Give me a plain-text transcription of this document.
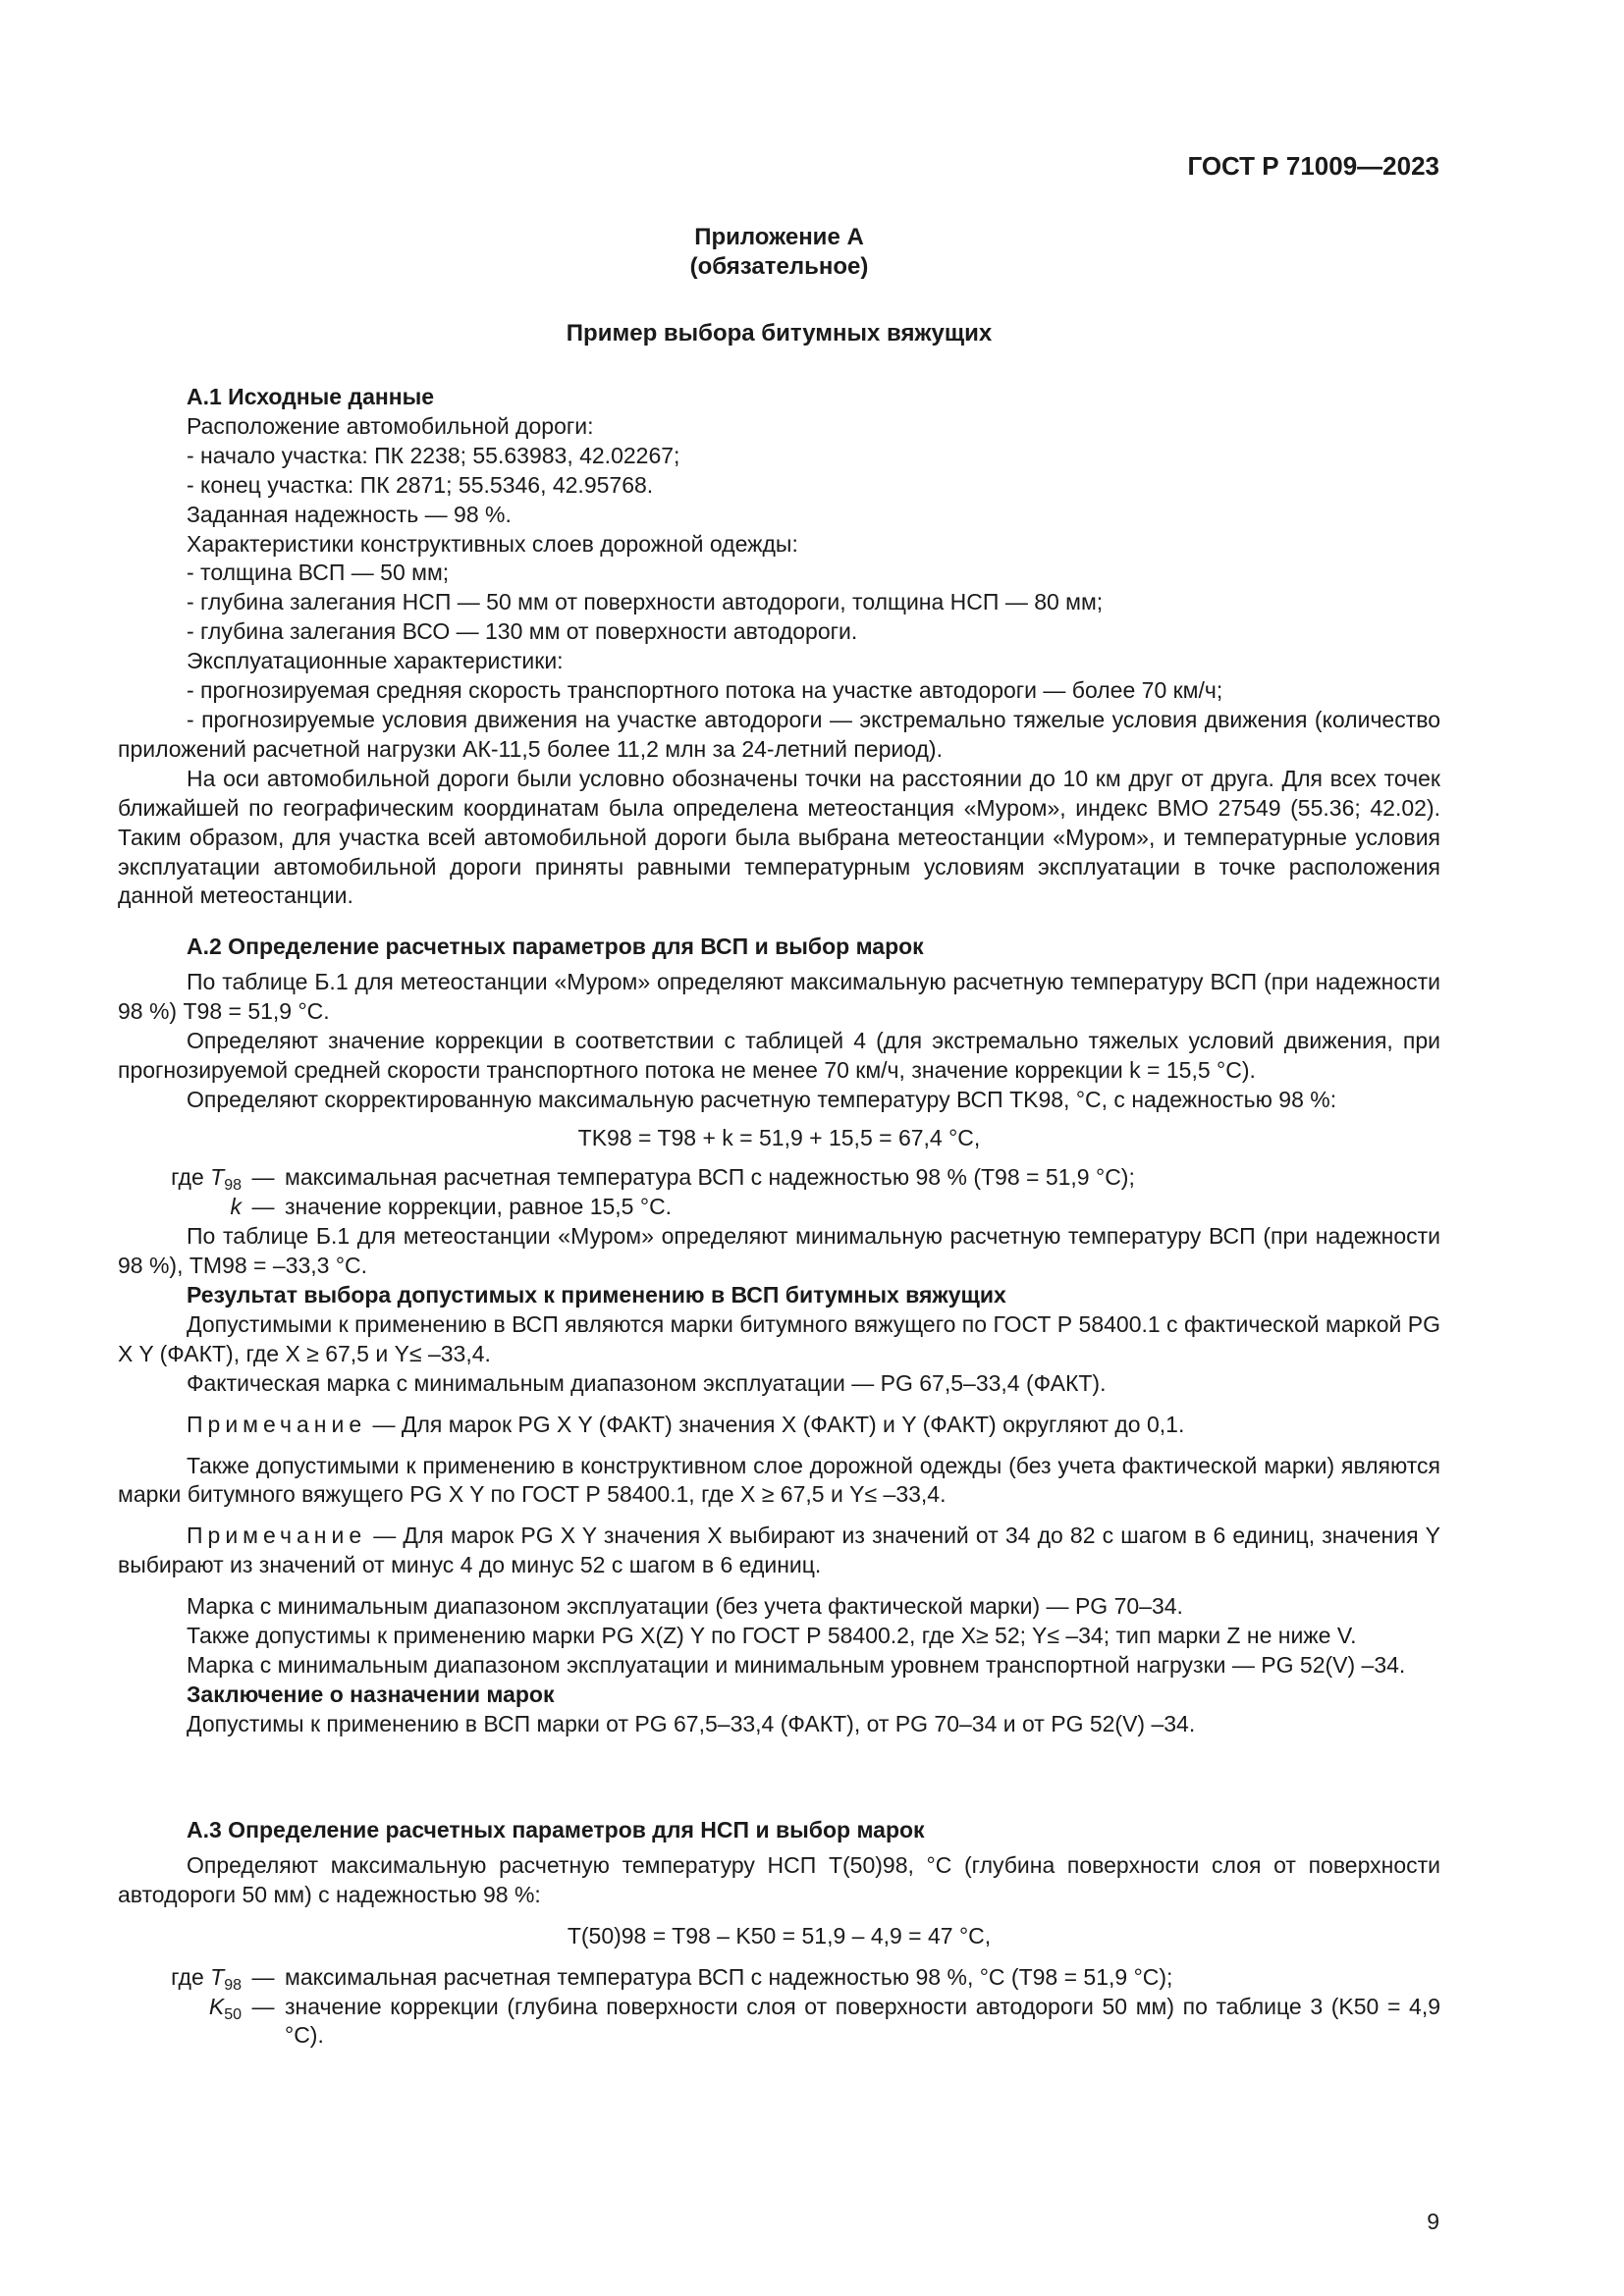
ГОСТ Р 71009—2023
Приложение А
(обязательное)
Пример выбора битумных вяжущих

А.1 Исходные данные

Расположение автомобильной дороги:

- начало участка: ПК 2238; 55.63983, 42.02267;

- конец участка: ПК 2871; 55.5346, 42.95768.

Заданная надежность — 98 %.

Характеристики конструктивных слоев дорожной одежды:

- толщина ВСП — 50 мм;

- глубина залегания НСП — 50 мм от поверхности автодороги, толщина НСП — 80 мм;

- глубина залегания ВСО — 130 мм от поверхности автодороги.

Эксплуатационные характеристики:

- прогнозируемая средняя скорость транспортного потока на участке автодороги — более 70 км/ч;

- прогнозируемые условия движения на участке автодороги — экстремально тяжелые условия движения (количество приложений расчетной нагрузки АК-11,5 более 11,2 млн за 24-летний период).

На оси автомобильной дороги были условно обозначены точки на расстоянии до 10 км друг от друга. Для всех точек ближайшей по географическим координатам была определена метеостанция «Муром», индекс ВМО 27549 (55.36; 42.02). Таким образом, для участка всей автомобильной дороги была выбрана метеостанции «Муром», и температурные условия эксплуатации автомобильной дороги приняты равными температурным условиям эксплуатации в точке расположения данной метеостанции.

А.2 Определение расчетных параметров для ВСП и выбор марок

По таблице Б.1 для метеостанции «Муром» определяют максимальную расчетную температуру ВСП (при надежности 98 %) T98 = 51,9 °С.

Определяют значение коррекции в соответствии с таблицей 4 (для экстремально тяжелых условий движения, при прогнозируемой средней скорости транспортного потока не менее 70 км/ч, значение коррекции k = 15,5 °С).

Определяют скорректированную максимальную расчетную температуру ВСП TK98, °С, с надежностью 98 %:

TK98 = T98 + k = 51,9 + 15,5 = 67,4 °С,

где $T_{98}$	—	максимальная расчетная температура ВСП с надежностью 98 % (T98 = 51,9 °С);
k	—	значение коррекции, равное 15,5 °С.

По таблице Б.1 для метеостанции «Муром» определяют минимальную расчетную температуру ВСП (при надежности 98 %), TM98 = –33,3 °С.

Результат выбора допустимых к применению в ВСП битумных вяжущих

Допустимыми к применению в ВСП являются марки битумного вяжущего по ГОСТ Р 58400.1 с фактической маркой PG X Y (ФАКТ), где X ≥ 67,5 и Y≤ –33,4.

Фактическая марка с минимальным диапазоном эксплуатации — PG 67,5–33,4 (ФАКТ).

Примечание — Для марок PG X Y (ФАКТ) значения X (ФАКТ) и Y (ФАКТ) округляют до 0,1.

Также допустимыми к применению в конструктивном слое дорожной одежды (без учета фактической марки) являются марки битумного вяжущего PG X Y по ГОСТ Р 58400.1, где X ≥ 67,5 и Y≤ –33,4.

Примечание — Для марок PG X Y значения X выбирают из значений от 34 до 82 с шагом в 6 единиц, значения Y выбирают из значений от минус 4 до минус 52 с шагом в 6 единиц.

Марка с минимальным диапазоном эксплуатации (без учета фактической марки) — PG 70–34.

Также допустимы к применению марки PG X(Z) Y по ГОСТ Р 58400.2, где X≥ 52; Y≤ –34; тип марки Z не ниже V.

Марка с минимальным диапазоном эксплуатации и минимальным уровнем транспортной нагрузки — PG 52(V) –34.

Заключение о назначении марок

Допустимы к применению в ВСП марки от PG 67,5–33,4 (ФАКТ), от PG 70–34 и от PG 52(V) –34.

А.3 Определение расчетных параметров для НСП и выбор марок

Определяют максимальную расчетную температуру НСП T(50)98, °С (глубина поверхности слоя от поверхности автодороги 50 мм) с надежностью 98 %:

T(50)98 = T98 – K50 = 51,9 – 4,9 = 47 °С,

где $T_{98}$	—	максимальная расчетная температура ВСП с надежностью 98 %, °С (T98 = 51,9 °С);
$K_{50}$	—	значение коррекции (глубина поверхности слоя от поверхности автодороги 50 мм) по таблице 3 (K50 = 4,9 °С).
9
